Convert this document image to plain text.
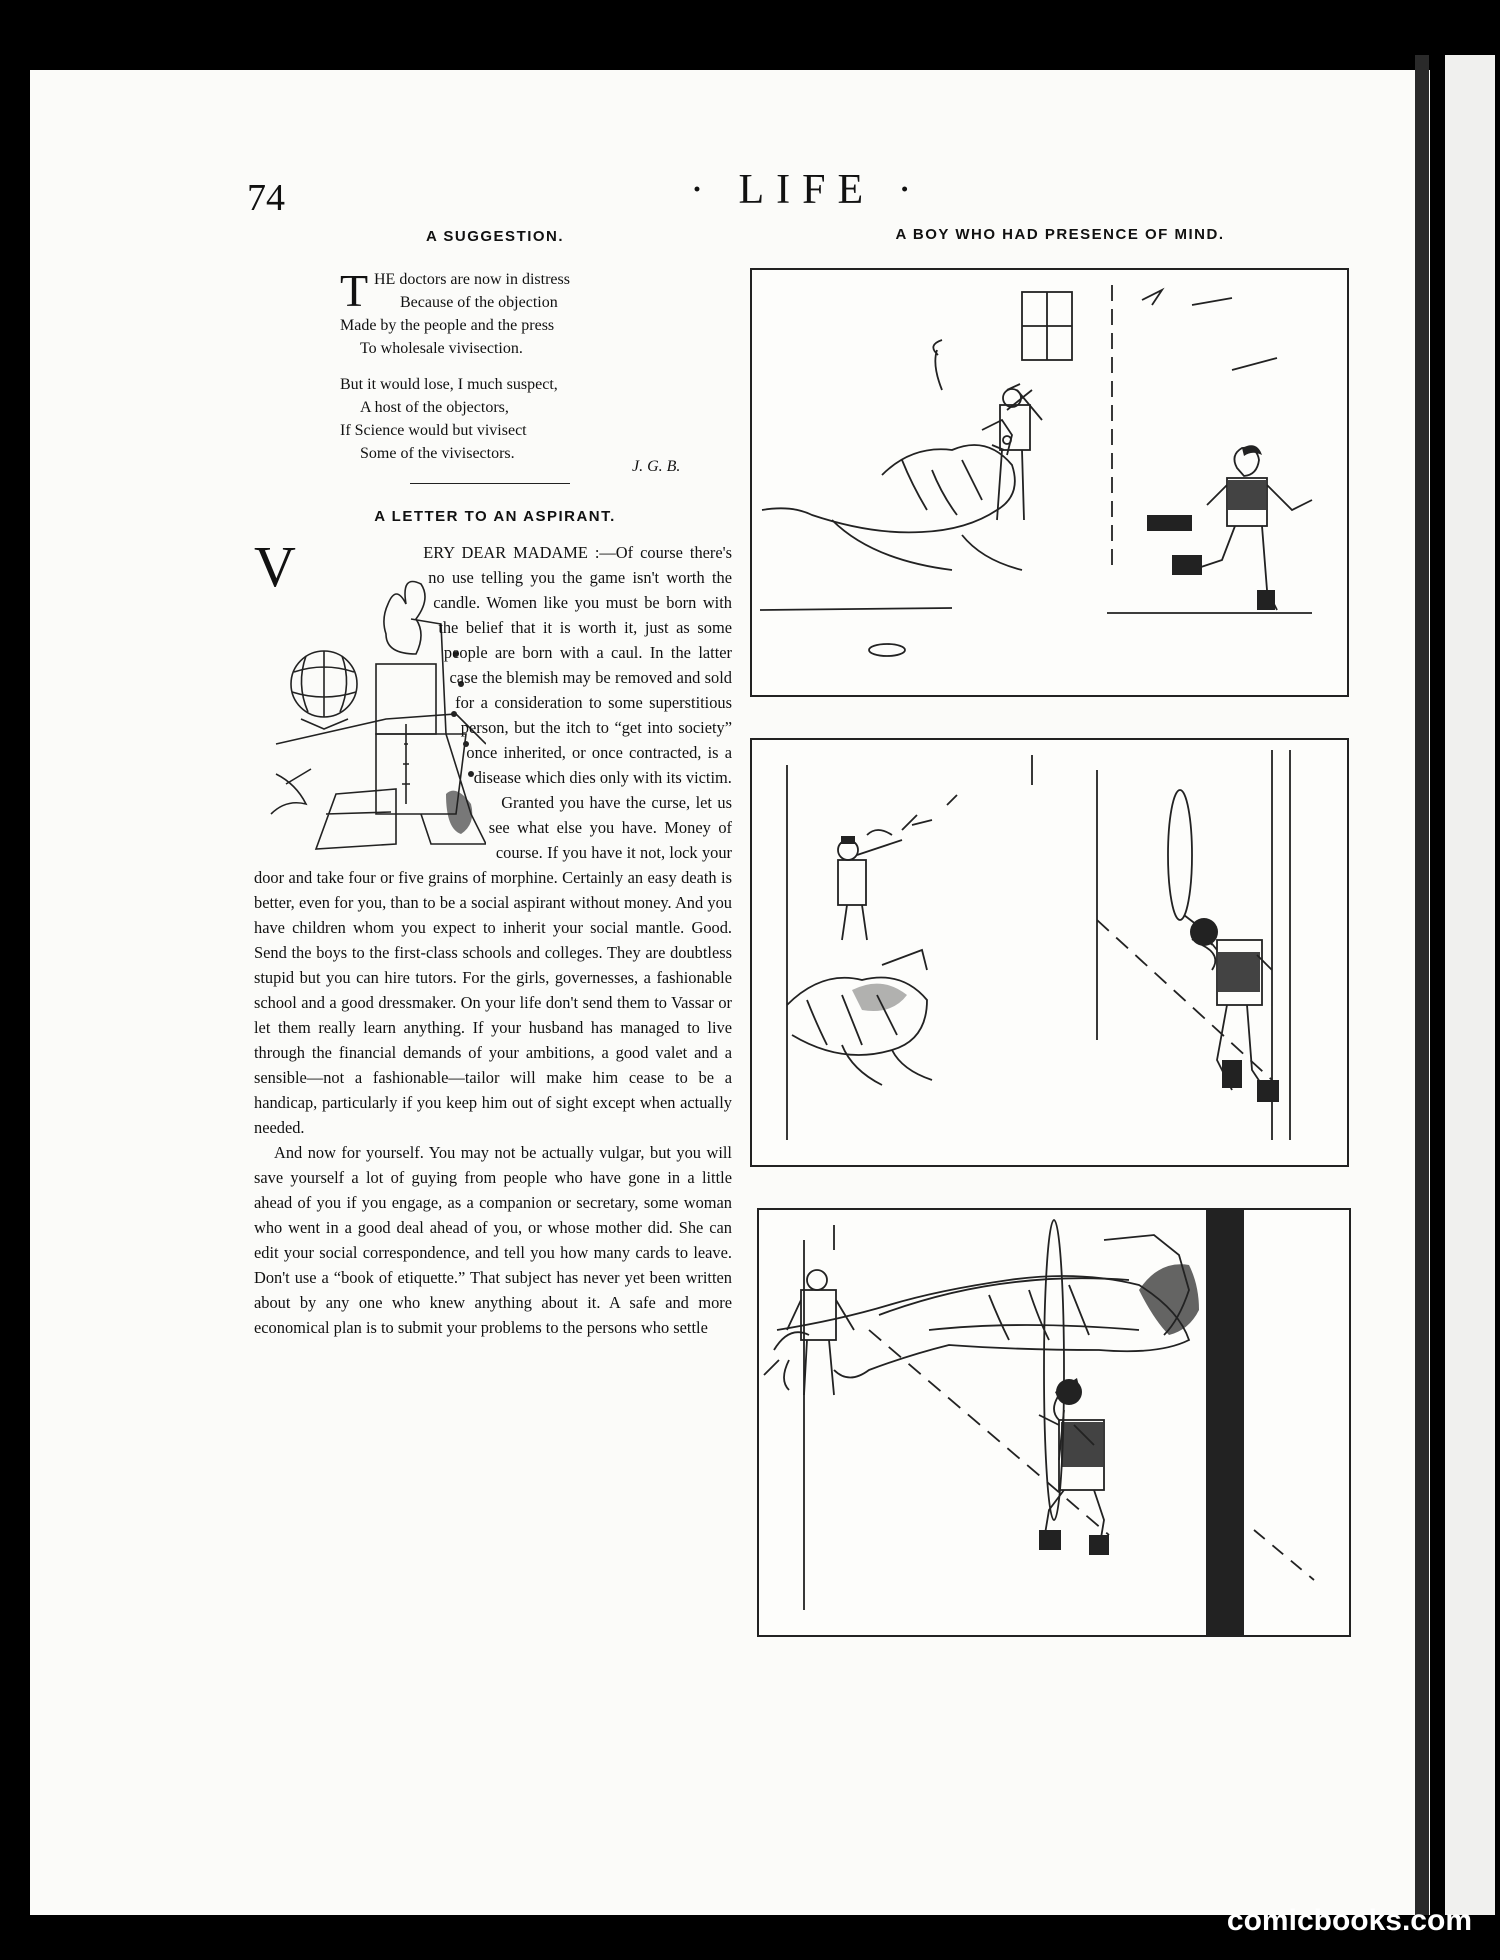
74	· LIFE ·

A SUGGESTION.

T HE doctors are now in distress
Because of the objection
Made by the people and the press
To wholesale vivisection.
But it would lose, I much suspect,
A host of the objectors,
If Science would but vivisect
Some of the vivisectors.
J. G. B.

A LETTER TO AN ASPIRANT.

V	ERY DEAR MADAME :—Of course there's no use telling you the game isn't worth the candle. Women like you must be born with the belief that it is worth it, just as some people are born with a caul. In the latter case the blemish may be removed and sold for a consideration to some superstitious person, but the itch to “get into society” once inherited, or once contracted, is a disease which dies only with its victim.

Granted you have the curse, let us see what else you have. Money of course. If you have it not, lock your door and take four or five grains of morphine. Certainly an easy death is better, even for you, than to be a social aspirant without money. And you have children whom you expect to inherit your social mantle. Good. Send the boys to the first-class schools and colleges. They are doubtless stupid but you can hire tutors. For the girls, governesses, a fashionable school and a good dressmaker. On your life don't send them to Vassar or let them really learn anything. If your husband has managed to live through the financial demands of your ambitions, a good valet and a sensible—not a fashionable—tailor will make him cease to be a handicap, particularly if you keep him out of sight except when actually needed.

And now for yourself. You may not be actually vulgar, but you will save yourself a lot of guying from people who have gone in a little ahead of you if you engage, as a companion or secretary, some woman who went in a good deal ahead of you, or whose mother did. She can edit your social correspondence, and tell you how many cards to leave. Don't use a “book of etiquette.” That subject has never yet been written about by any one who knew anything about it. A safe and more economical plan is to submit your problems to the persons who settle

A BOY WHO HAD PRESENCE OF MIND.

comicbooks.com
